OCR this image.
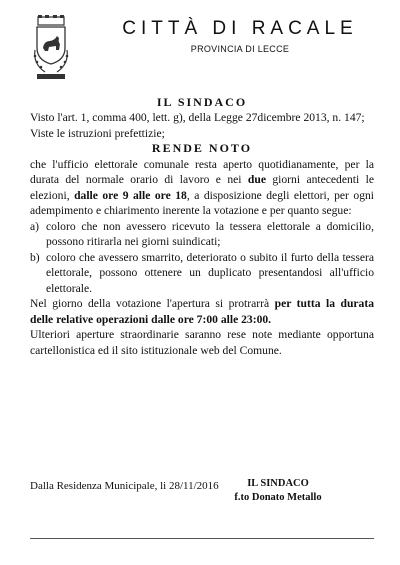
CITTÀ DI RACALE
PROVINCIA DI LECCE
IL SINDACO

Visto l'art. 1, comma 400, lett. g), della Legge 27dicembre 2013, n. 147;

Viste le istruzioni prefettizie;

RENDE NOTO

che l'ufficio elettorale comunale resta aperto quotidianamente, per la durata del normale orario di lavoro e nei due giorni antecedenti le elezioni, dalle ore 9 alle ore 18, a disposizione degli elettori, per ogni adempimento e chiarimento inerente la votazione e per quanto segue:

a) coloro che non avessero ricevuto la tessera elettorale a domicilio, possono ritirarla nei giorni suindicati;

b) coloro che avessero smarrito, deteriorato o subito il furto della tessera elettorale, possono ottenere un duplicato presentandosi all'ufficio elettorale.

Nel giorno della votazione l'apertura si protrarrà per tutta la durata delle relative operazioni dalle ore 7:00 alle 23:00.

Ulteriori aperture straordinarie saranno rese note mediante opportuna cartellonistica ed il sito istituzionale web del Comune.

Dalla Residenza Municipale, li 28/11/2016	IL SINDACO
f.to Donato Metallo
